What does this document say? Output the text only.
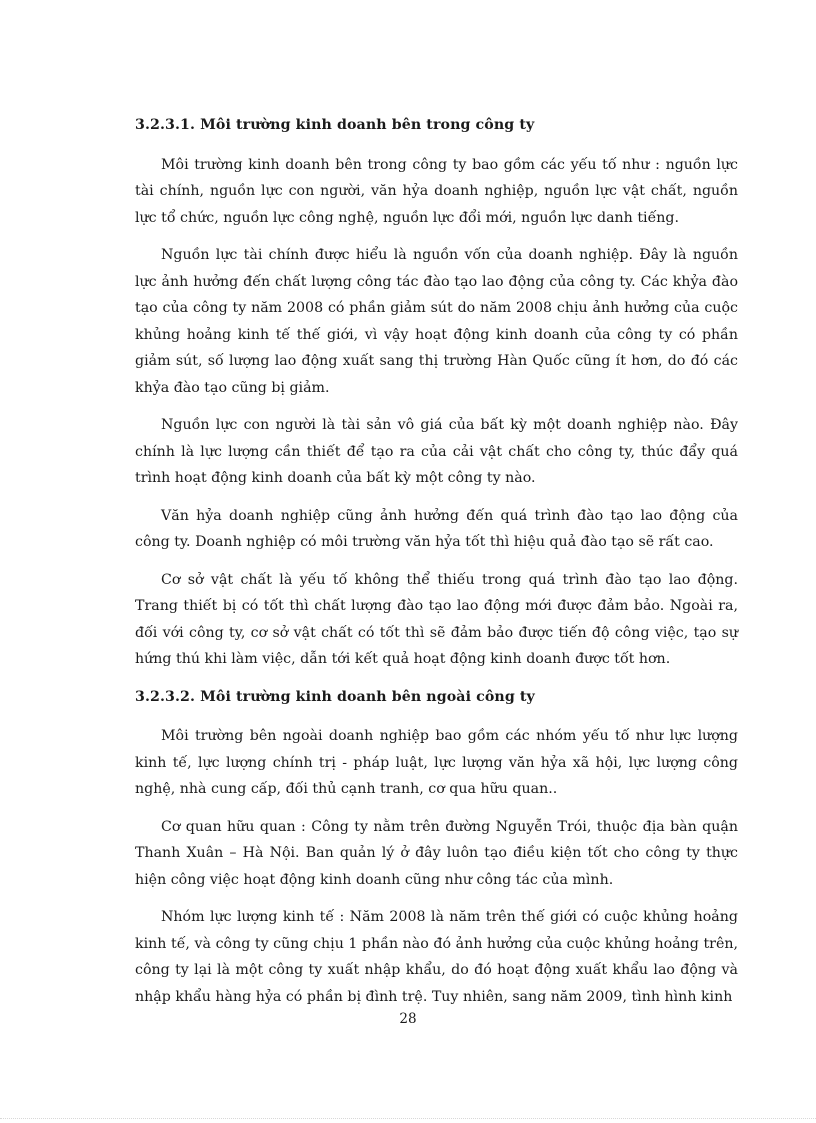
3.2.3.1. Môi trường kinh doanh bên trong công ty

Môi trường kinh doanh bên trong công ty bao gồm các yếu tố như : nguồn lực tài chính, nguồn lực con người, văn hỷa doanh nghiệp, nguồn lực vật chất, nguồn lực tổ chức, nguồn lực công nghệ, nguồn lực đổi mới, nguồn lực danh tiếng.

Nguồn lực tài chính được hiểu là nguồn vốn của doanh nghiệp. Đây là nguồn lực ảnh hưởng đến chất lượng công tác đào tạo lao động của công ty. Các khỷa đào tạo của công ty năm 2008 có phần giảm sút do năm 2008 chịu ảnh hưởng của cuộc khủng hoảng kinh tế thế giới, vì vậy hoạt động kinh doanh của công ty có phần giảm sút, số lượng lao động xuất sang thị trường Hàn Quốc cũng ít hơn, do đó các khỷa đào tạo cũng bị giảm.

Nguồn lực con người là tài sản vô giá của bất kỳ một doanh nghiệp nào. Đây chính là lực lượng cần thiết để tạo ra của cải vật chất cho công ty, thúc đẩy quá trình hoạt động kinh doanh của bất kỳ một công ty nào.

Văn hỷa doanh nghiệp cũng ảnh hưởng đến quá trình đào tạo lao động của công ty. Doanh nghiệp có môi trường văn hỷa tốt thì hiệu quả đào tạo sẽ rất cao.

Cơ sở vật chất là yếu tố không thể thiếu trong quá trình đào tạo lao động. Trang thiết bị có tốt thì chất lượng đào tạo lao động mới được đảm bảo. Ngoài ra, đối với công ty, cơ sở vật chất có tốt thì sẽ đảm bảo được tiến độ công việc, tạo sự hứng thú khi làm việc, dẫn tới kết quả hoạt động kinh doanh được tốt hơn.

3.2.3.2. Môi trường kinh doanh bên ngoài công ty

Môi trường bên ngoài doanh nghiệp bao gồm các nhóm yếu tố như lực lượng kinh tế, lực lượng chính trị - pháp luật, lực lượng văn hỷa xã hội, lực lượng công nghệ, nhà cung cấp, đối thủ cạnh tranh, cơ qua hữu quan..

Cơ quan hữu quan : Công ty nằm trên đường Nguyễn Trói, thuộc địa bàn quận Thanh Xuân – Hà Nội. Ban quản lý ở đây luôn tạo điều kiện tốt cho công ty thực hiện công việc hoạt động kinh doanh cũng như công tác của mình.

Nhóm lực lượng kinh tế : Năm 2008 là năm trên thế giới có cuộc khủng hoảng kinh tế, và công ty cũng chịu 1 phần nào đó ảnh hưởng của cuộc khủng hoảng trên, công ty lại là một công ty xuất nhập khẩu, do đó hoạt động xuất khẩu lao động và nhập khẩu hàng hỷa có phần bị đình trệ. Tuy nhiên, sang năm 2009, tình hình kinh

28
